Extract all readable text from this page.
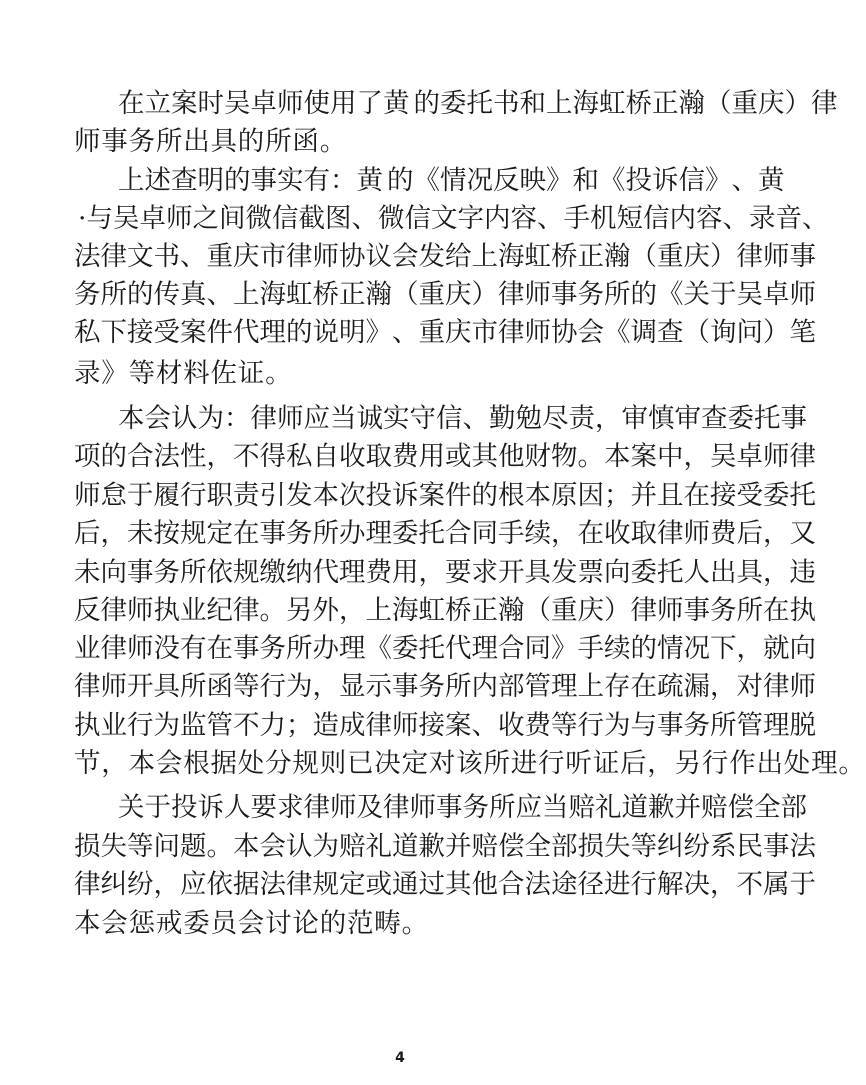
在 立 案 时 吴 卓 师 使 用 了 黄 的 委 托 书 和 上 海 虹 桥 正 瀚 （ 重 庆 ） 律
师事务所出具的所函。
上 述 查 明 的 事 实 有 ： 黄 的 《 情 况 反 映 》 和 《 投 诉 信 》 、 黄
· 与 吴 卓 师 之 间 微 信 截 图 、 微 信 文 字 内 容 、 手 机 短 信 内 容 、 录 音 、
法 律 文 书 、 重 庆 市 律 师 协 议 会 发 给 上 海 虹 桥 正 瀚 （ 重 庆 ） 律 师 事
务 所 的 传 真 、 上 海 虹 桥 正 瀚 （ 重 庆 ） 律 师 事 务 所 的 《 关 于 吴 卓 师
私 下 接 受 案 件 代 理 的 说 明 》 、 重 庆 市 律 师 协 会 《 调 查 （ 询 问 ） 笔
录》等材料佐证。
本 会 认 为 ： 律 师 应 当 诚 实 守 信 、 勤 勉 尽 责 ， 审 慎 审 查 委 托 事
项 的 合 法 性 ， 不 得 私 自 收 取 费 用 或 其 他 财 物 。 本 案 中 ， 吴 卓 师 律
师 怠 于 履 行 职 责 引 发 本 次 投 诉 案 件 的 根 本 原 因 ； 并 且 在 接 受 委 托
后 ， 未 按 规 定 在 事 务 所 办 理 委 托 合 同 手 续 ， 在 收 取 律 师 费 后 ， 又
未 向 事 务 所 依 规 缴 纳 代 理 费 用 ， 要 求 开 具 发 票 向 委 托 人 出 具 ， 违
反 律 师 执 业 纪 律 。 另 外 ， 上 海 虹 桥 正 瀚 （ 重 庆 ） 律 师 事 务 所 在 执
业 律 师 没 有 在 事 务 所 办 理 《 委 托 代 理 合 同 》 手 续 的 情 况 下 ， 就 向
律 师 开 具 所 函 等 行 为 ， 显 示 事 务 所 内 部 管 理 上 存 在 疏 漏 ， 对 律 师
执 业 行 为 监 管 不 力 ； 造 成 律 师 接 案 、 收 费 等 行 为 与 事 务 所 管 理 脱
节，本会根据处分规则已决定对该所进行听证后，另行作出处理。
关 于 投 诉 人 要 求 律 师 及 律 师 事 务 所 应 当 赔 礼 道 歉 并 赔 偿 全 部
损 失 等 问 题 。 本 会 认 为 赔 礼 道 歉 并 赔 偿 全 部 损 失 等 纠 纷 系 民 事 法
律 纠 纷 ， 应 依 据 法 律 规 定 或 通 过 其 他 合 法 途 径 进 行 解 决 ， 不 属 于
本会惩戒委员会讨论的范畴。
4
